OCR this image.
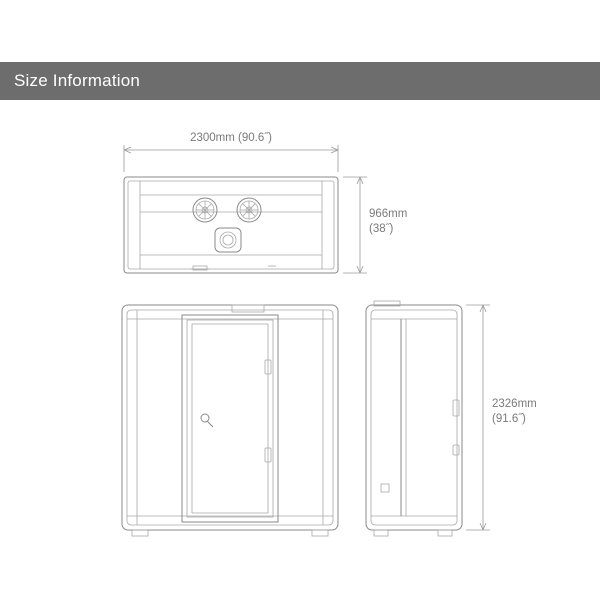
Size Information
2300mm (90.6˝)
966mm
(38˝)
2326mm
(91.6˝)
